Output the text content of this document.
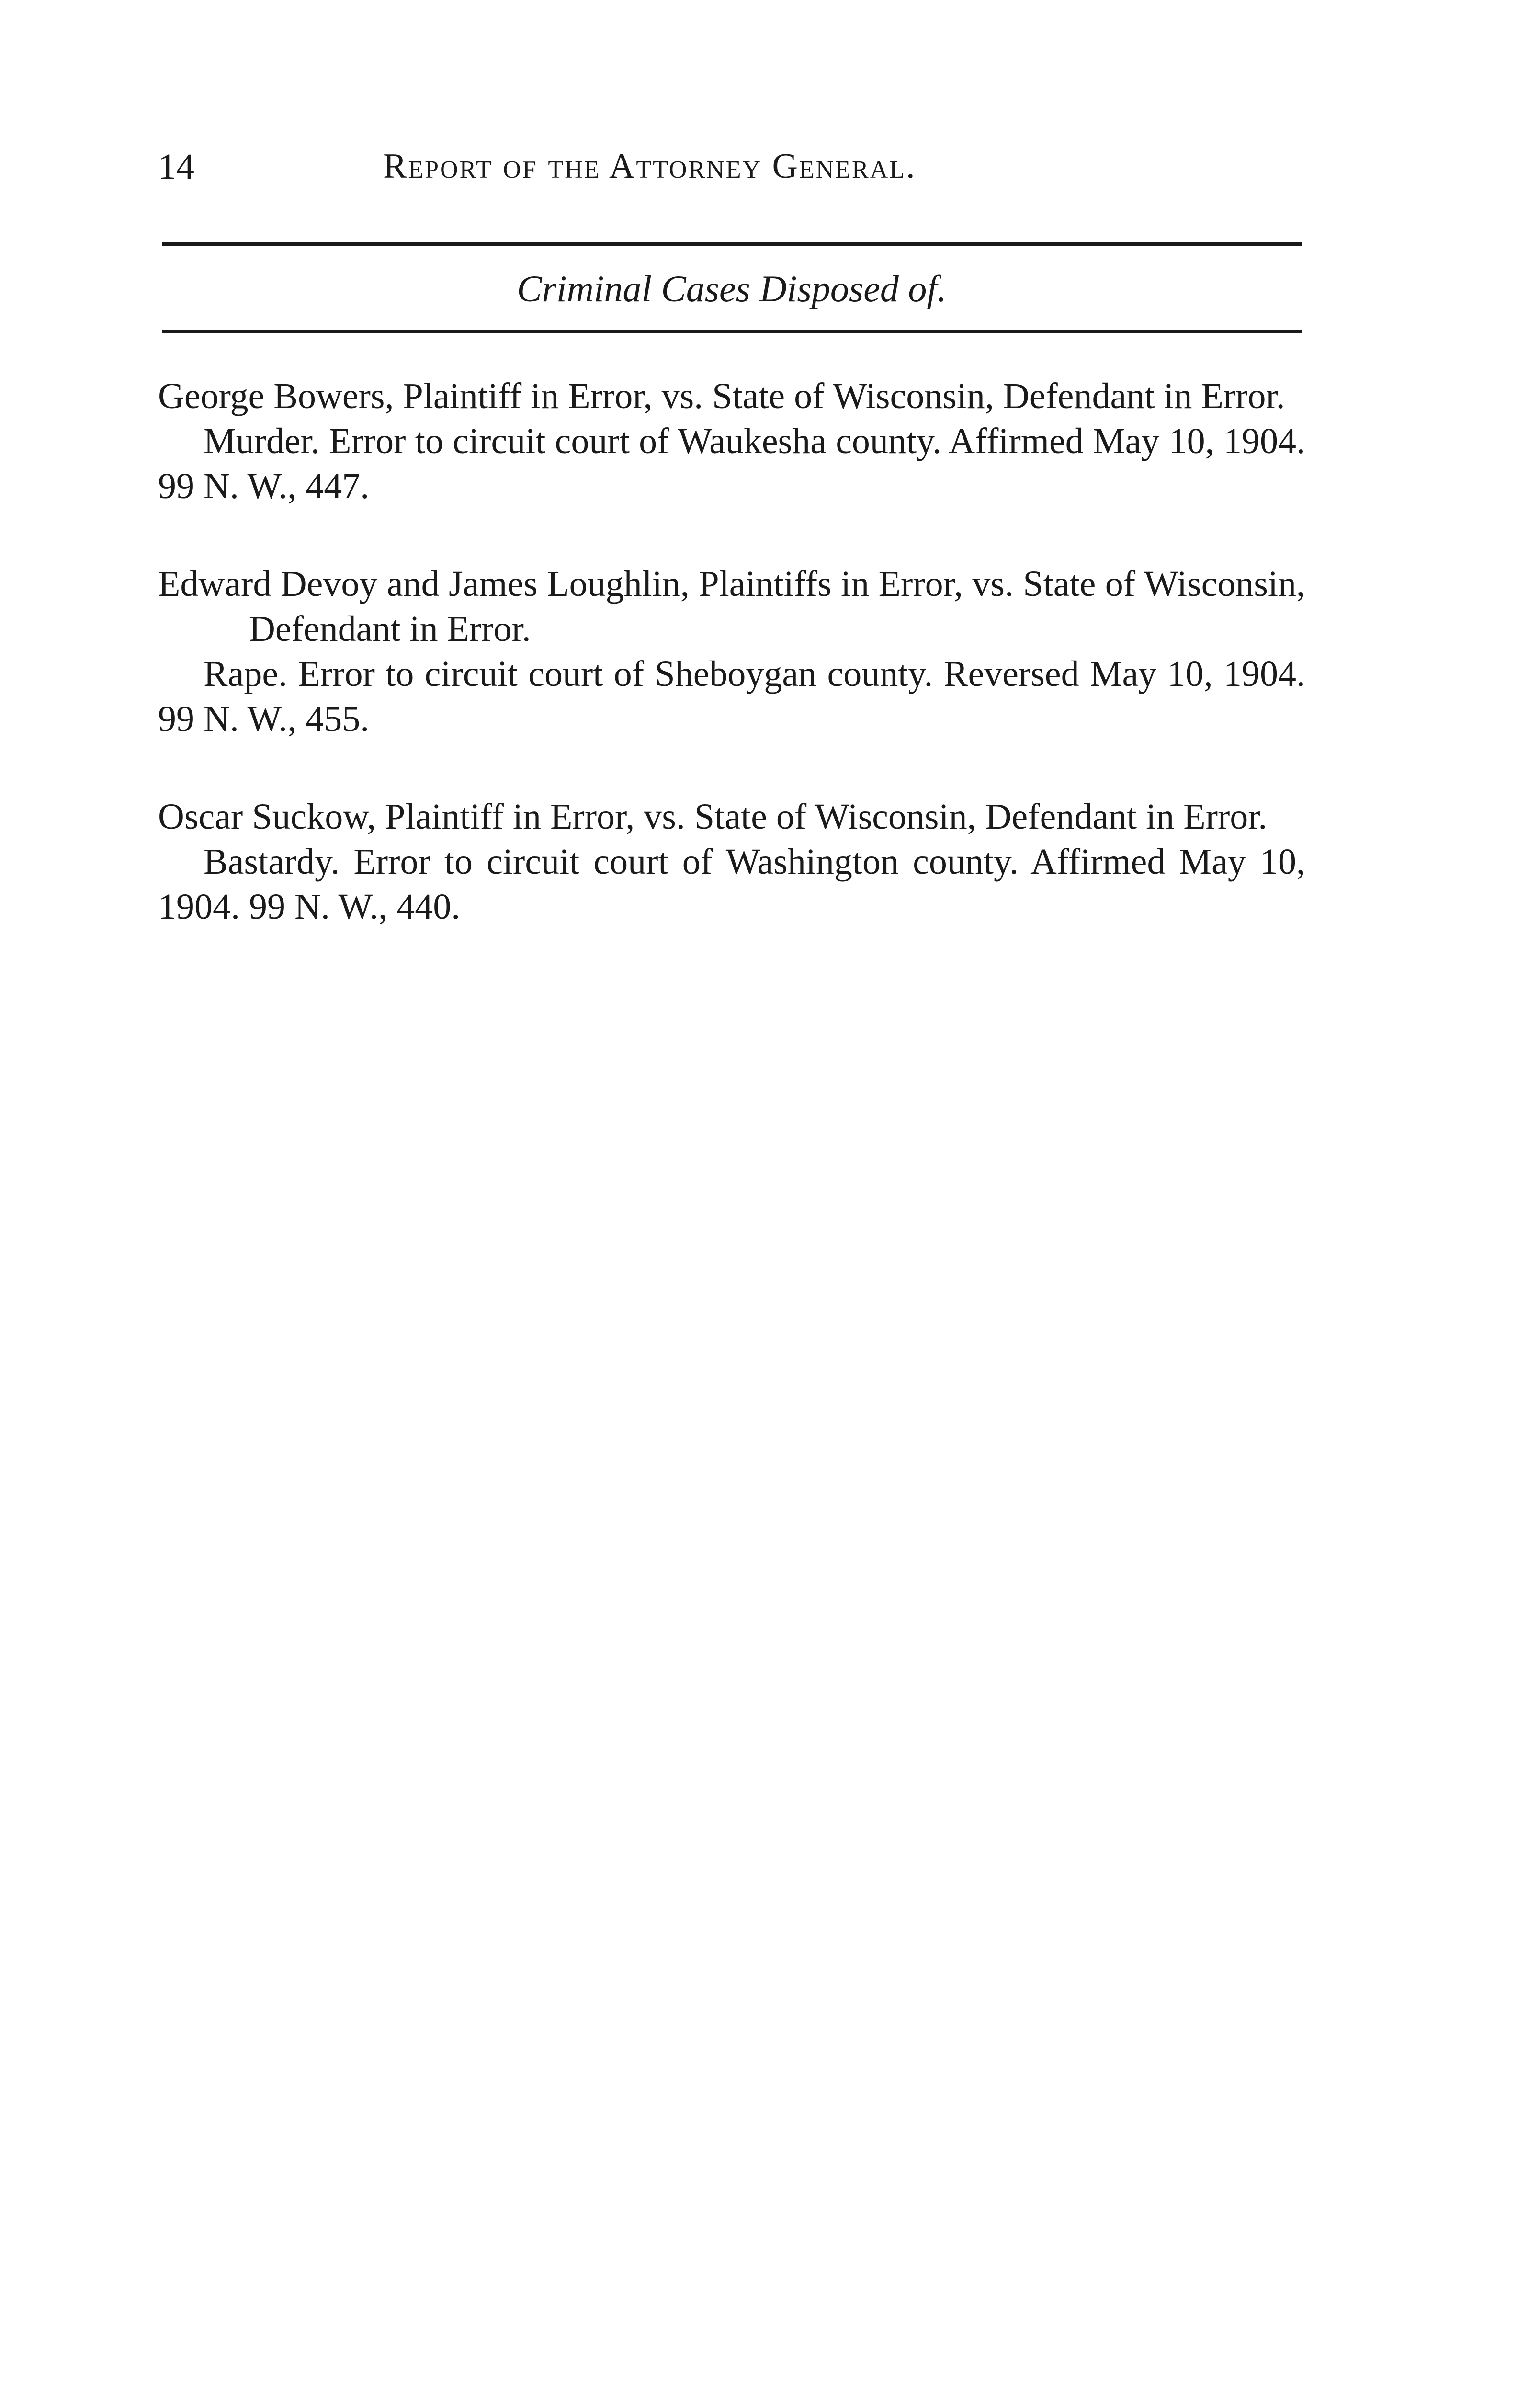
14	Report of the Attorney General.
Criminal Cases Disposed of.

George Bowers, Plaintiff in Error, vs. State of Wisconsin, Defendant in Error.

Murder. Error to circuit court of Waukesha county. Affirmed May 10, 1904. 99 N. W., 447.

Edward Devoy and James Loughlin, Plaintiffs in Error, vs. State of Wisconsin, Defendant in Error.

Rape. Error to circuit court of Sheboygan county. Reversed May 10, 1904. 99 N. W., 455.

Oscar Suckow, Plaintiff in Error, vs. State of Wisconsin, Defendant in Error.

Bastardy. Error to circuit court of Washington county. Affirmed May 10, 1904. 99 N. W., 440.
